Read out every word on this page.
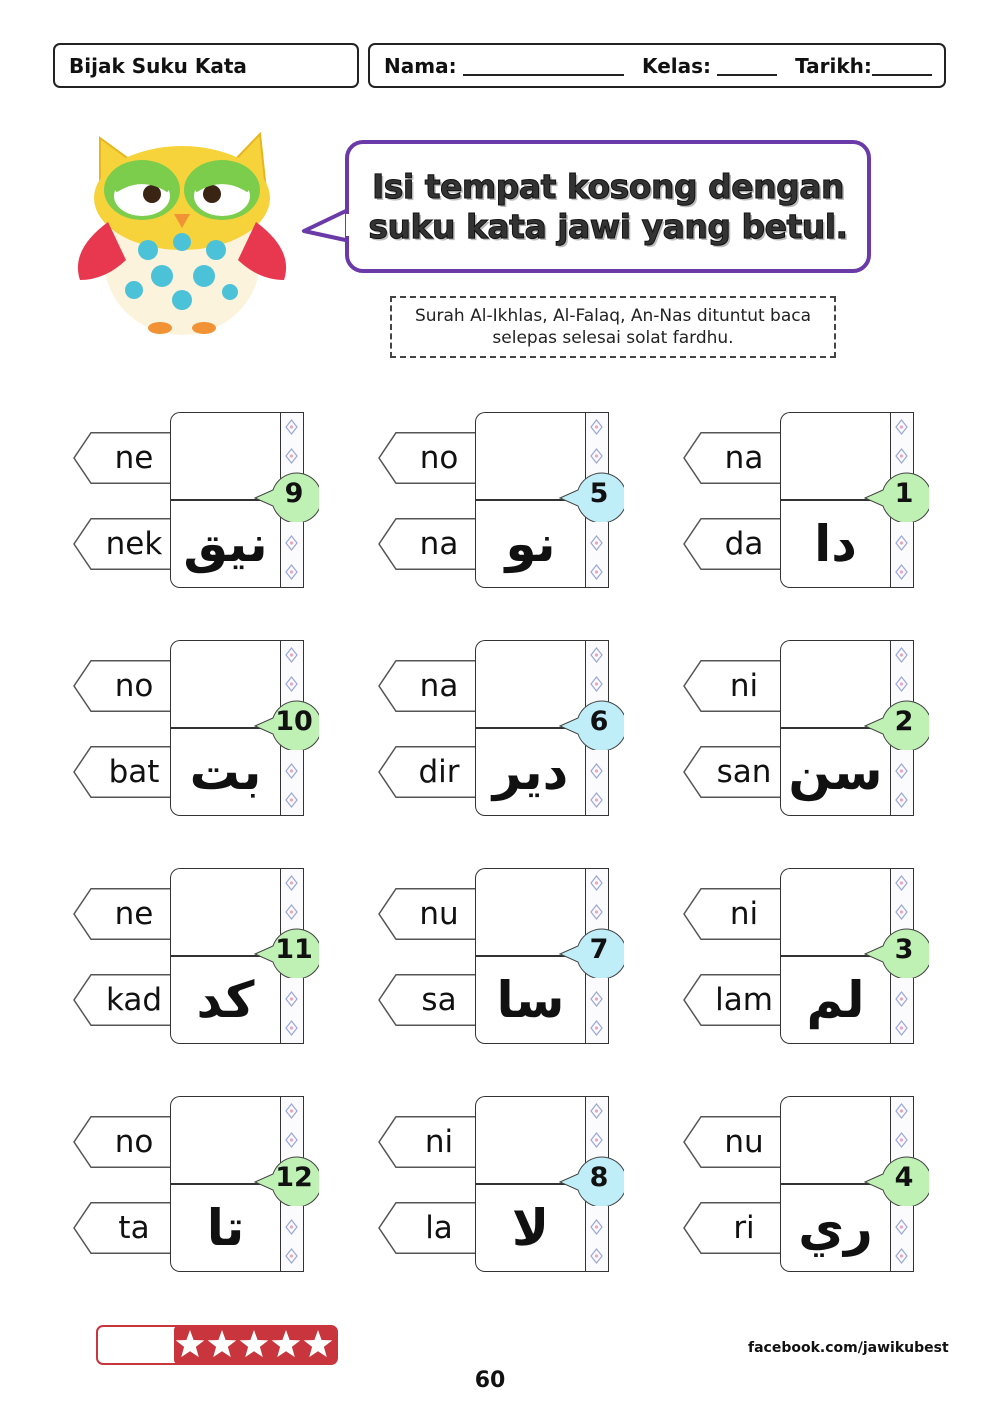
Bijak Suku Kata	Nama:	Kelas:	Tarikh:
Isi tempat kosong dengan
suku kata jawi yang betul.
Surah Al-Ikhlas, Al-Falaq, An-Nas dituntut baca
selepas selesai solat fardhu.
na
da	دا
1
ni
san سن
2
ni
lam لم
3
nu
ri ري
4
no
na نو
5
na
dir دير
6
nu
sa سا
7
ni
la	لا
8
ne
nek نيق
9
no
bat بت
10
ne
kad كد
11
no
ta	تا
12
facebook.com/jawikubest
60
